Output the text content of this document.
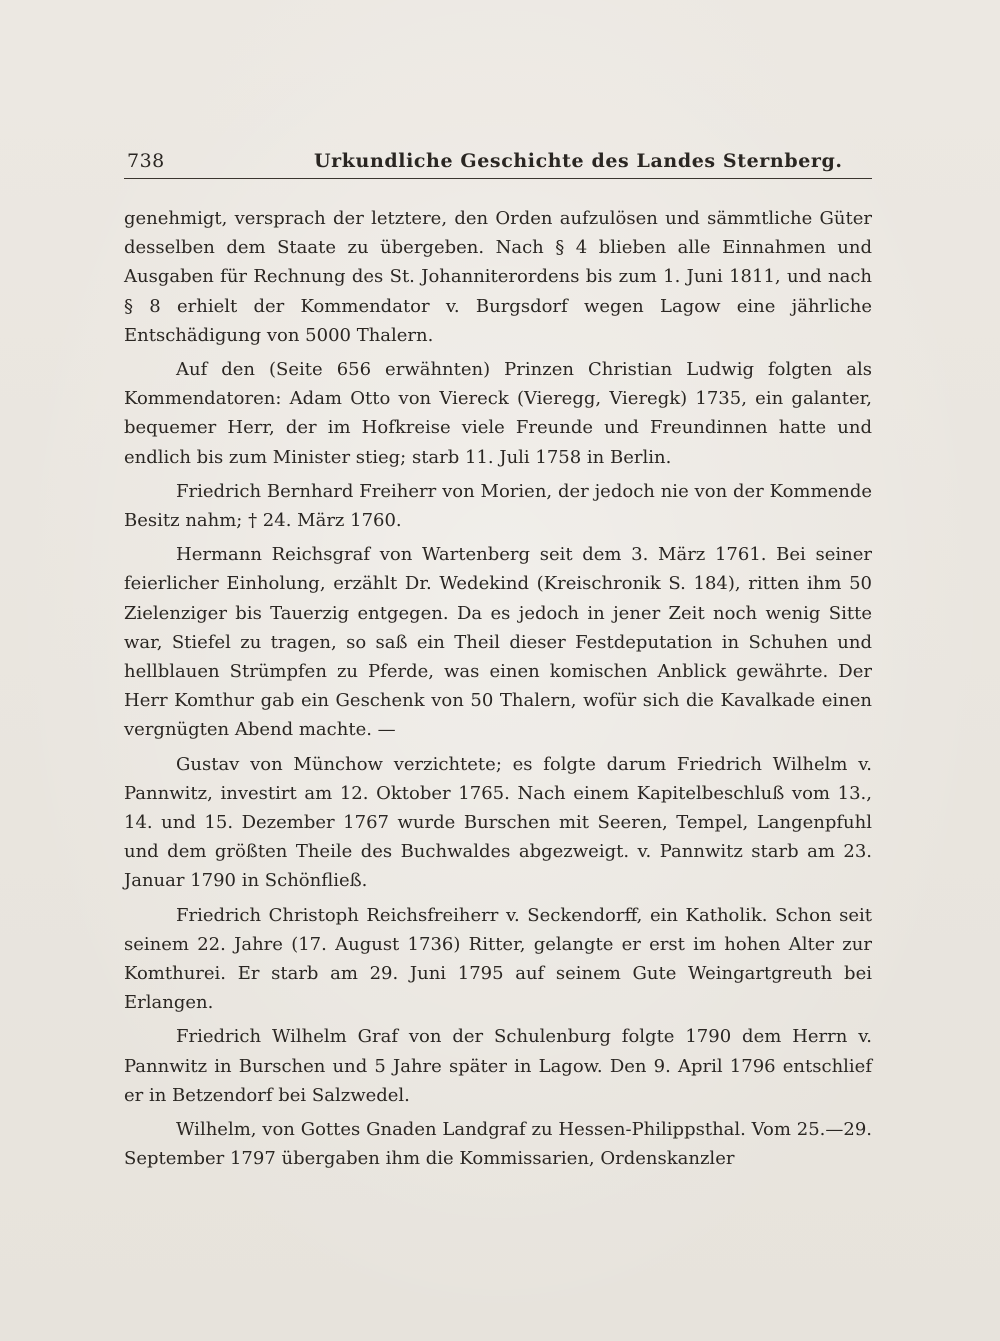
738	Urkundliche Geschichte des Landes Sternberg.

genehmigt, versprach der letztere, den Orden aufzulösen und sämmtliche Güter desselben dem Staate zu übergeben. Nach § 4 blieben alle Einnahmen und Ausgaben für Rechnung des St. Johanniterordens bis zum 1. Juni 1811, und nach § 8 erhielt der Kommendator v. Burgsdorf wegen Lagow eine jährliche Entschädigung von 5000 Thalern.

Auf den (Seite 656 erwähnten) Prinzen Christian Ludwig folgten als Kommendatoren: Adam Otto von Viereck (Vieregg, Vieregk) 1735, ein galanter, bequemer Herr, der im Hofkreise viele Freunde und Freundinnen hatte und endlich bis zum Minister stieg; starb 11. Juli 1758 in Berlin.

Friedrich Bernhard Freiherr von Morien, der jedoch nie von der Kommende Besitz nahm; † 24. März 1760.

Hermann Reichsgraf von Wartenberg seit dem 3. März 1761. Bei seiner feierlicher Einholung, erzählt Dr. Wedekind (Kreischronik S. 184), ritten ihm 50 Zielenziger bis Tauerzig entgegen. Da es jedoch in jener Zeit noch wenig Sitte war, Stiefel zu tragen, so saß ein Theil dieser Festdeputation in Schuhen und hellblauen Strümpfen zu Pferde, was einen komischen Anblick gewährte. Der Herr Komthur gab ein Geschenk von 50 Thalern, wofür sich die Kavalkade einen vergnügten Abend machte. —

Gustav von Münchow verzichtete; es folgte darum Friedrich Wilhelm v. Pannwitz, investirt am 12. Oktober 1765. Nach einem Kapitelbeschluß vom 13., 14. und 15. Dezember 1767 wurde Burschen mit Seeren, Tempel, Langenpfuhl und dem größten Theile des Buchwaldes abgezweigt. v. Pannwitz starb am 23. Januar 1790 in Schönfließ.

Friedrich Christoph Reichsfreiherr v. Seckendorff, ein Katholik. Schon seit seinem 22. Jahre (17. August 1736) Ritter, gelangte er erst im hohen Alter zur Komthurei. Er starb am 29. Juni 1795 auf seinem Gute Weingartgreuth bei Erlangen.

Friedrich Wilhelm Graf von der Schulenburg folgte 1790 dem Herrn v. Pannwitz in Burschen und 5 Jahre später in Lagow. Den 9. April 1796 entschlief er in Betzendorf bei Salzwedel.

Wilhelm, von Gottes Gnaden Landgraf zu Hessen-Philippsthal. Vom 25.—29. September 1797 übergaben ihm die Kommissarien, Ordenskanzler
